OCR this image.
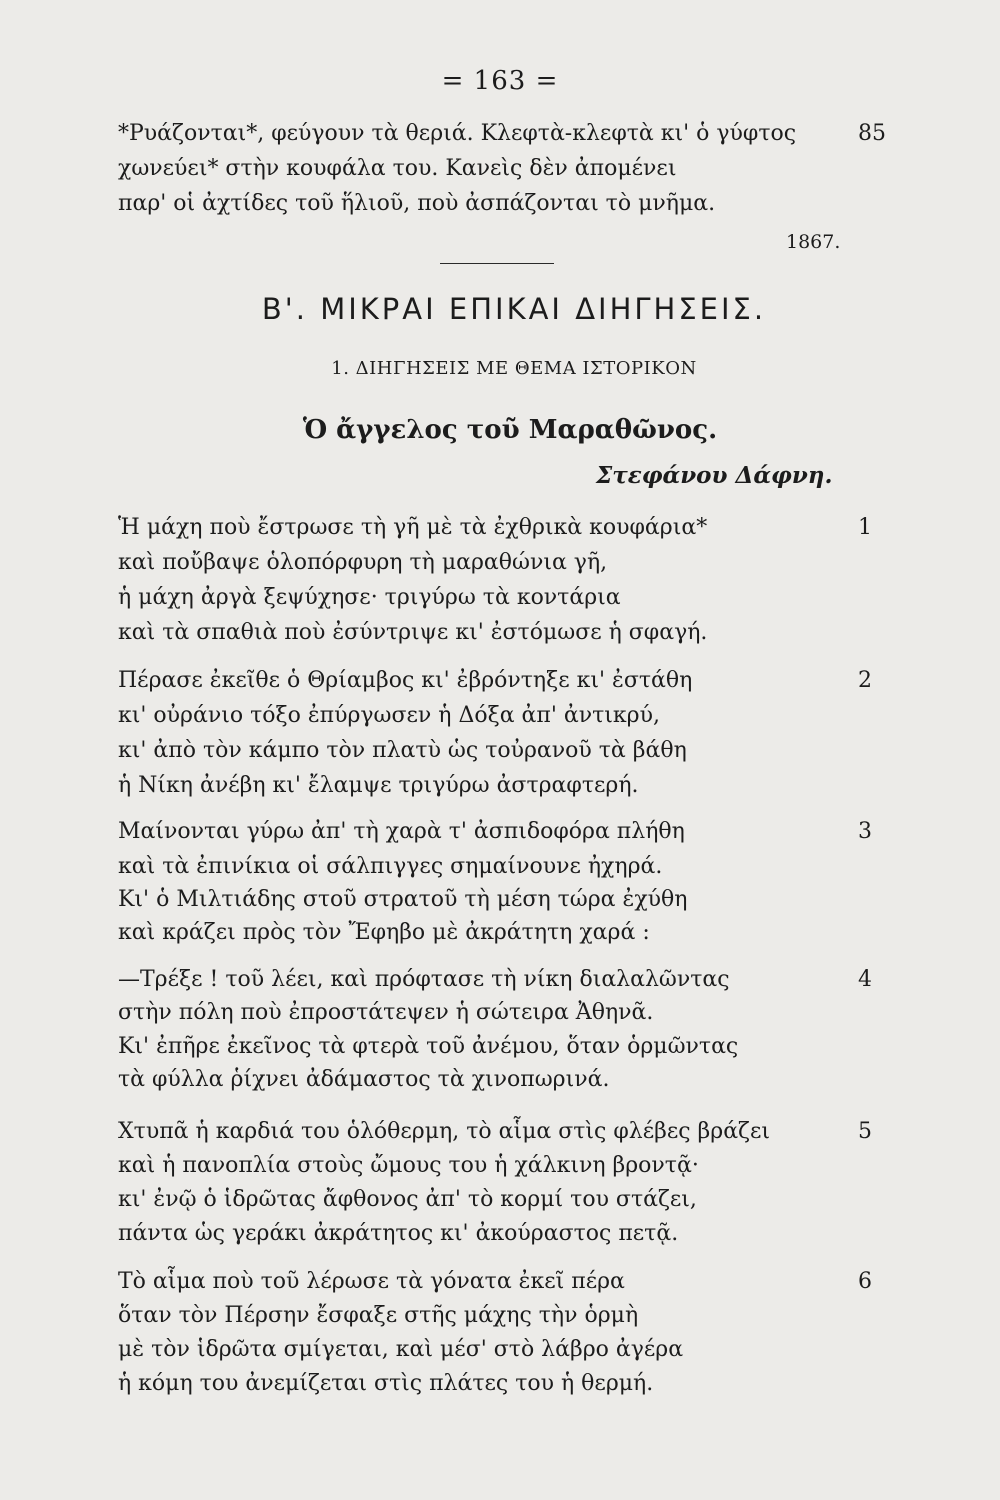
= 163 =
*Ρυάζονται*, φεύγουν τὰ θεριά. Κλεφτὰ-κλεφτὰ κι' ὁ γύφτος	85
χωνεύει* στὴν κουφάλα του. Κανεὶς δὲν ἀπομένει
παρ' οἱ ἀχτίδες τοῦ ἥλιοῦ, ποὺ ἀσπάζονται τὸ μνῆμα.
1867.
Β'. ΜΙΚΡΑΙ ΕΠΙΚΑΙ ΔΙΗΓΗΣΕΙΣ.
1. ΔΙΗΓΗΣΕΙΣ ΜΕ ΘΕΜΑ ΙΣΤΟΡΙΚΟΝ
Ὁ ἄγγελος τοῦ Μαραθῶνος.
Στεφάνου Δάφνη.
Ἡ μάχη ποὺ ἔστρωσε τὴ γῆ μὲ τὰ ἐχθρικὰ κουφάρια*	1
καὶ ποὔβαψε ὁλοπόρφυρη τὴ μαραθώνια γῆ,
ἡ μάχη ἀργὰ ξεψύχησε· τριγύρω τὰ κοντάρια
καὶ τὰ σπαθιὰ ποὺ ἐσύντριψε κι' ἐστόμωσε ἡ σφαγή.
Πέρασε ἐκεῖθε ὁ Θρίαμβος κι' ἐβρόντηξε κι' ἐστάθη	2
κι' οὐράνιο τόξο ἐπύργωσεν ἡ Δόξα ἀπ' ἀντικρύ,
κι' ἀπὸ τὸν κάμπο τὸν πλατὺ ὡς τοὐρανοῦ τὰ βάθη
ἡ Νίκη ἀνέβη κι' ἔλαμψε τριγύρω ἀστραφτερή.
Μαίνονται γύρω ἀπ' τὴ χαρὰ τ' ἀσπιδοφόρα πλήθη	3
καὶ τὰ ἐπινίκια οἱ σάλπιγγες σημαίνουνε ἠχηρά.
Κι' ὁ Μιλτιάδης στοῦ στρατοῦ τὴ μέση τώρα ἐχύθη
καὶ κράζει πρὸς τὸν Ἔφηβο μὲ ἀκράτητη χαρά :
—Τρέξε ! τοῦ λέει, καὶ πρόφτασε τὴ νίκη διαλαλῶντας	4
στὴν πόλη ποὺ ἐπροστάτεψεν ἡ σώτειρα Ἀθηνᾶ.
Κι' ἐπῆρε ἐκεῖνος τὰ φτερὰ τοῦ ἀνέμου, ὅταν ὁρμῶντας
τὰ φύλλα ῥίχνει ἀδάμαστος τὰ χινοπωρινά.
Χτυπᾶ ἡ καρδιά του ὁλόθερμη, τὸ αἷμα στὶς φλέβες βράζει	5
καὶ ἡ πανοπλία στοὺς ὤμους του ἡ χάλκινη βροντᾷ·
κι' ἐνῷ ὁ ἱδρῶτας ἄφθονος ἀπ' τὸ κορμί του στάζει,
πάντα ὡς γεράκι ἀκράτητος κι' ἀκούραστος πετᾷ.
Τὸ αἷμα ποὺ τοῦ λέρωσε τὰ γόνατα ἐκεῖ πέρα	6
ὅταν τὸν Πέρσην ἔσφαξε στῆς μάχης τὴν ὁρμὴ
μὲ τὸν ἱδρῶτα σμίγεται, καὶ μέσ' στὸ λάβρο ἀγέρα
ἡ κόμη του ἀνεμίζεται στὶς πλάτες του ἡ θερμή.
